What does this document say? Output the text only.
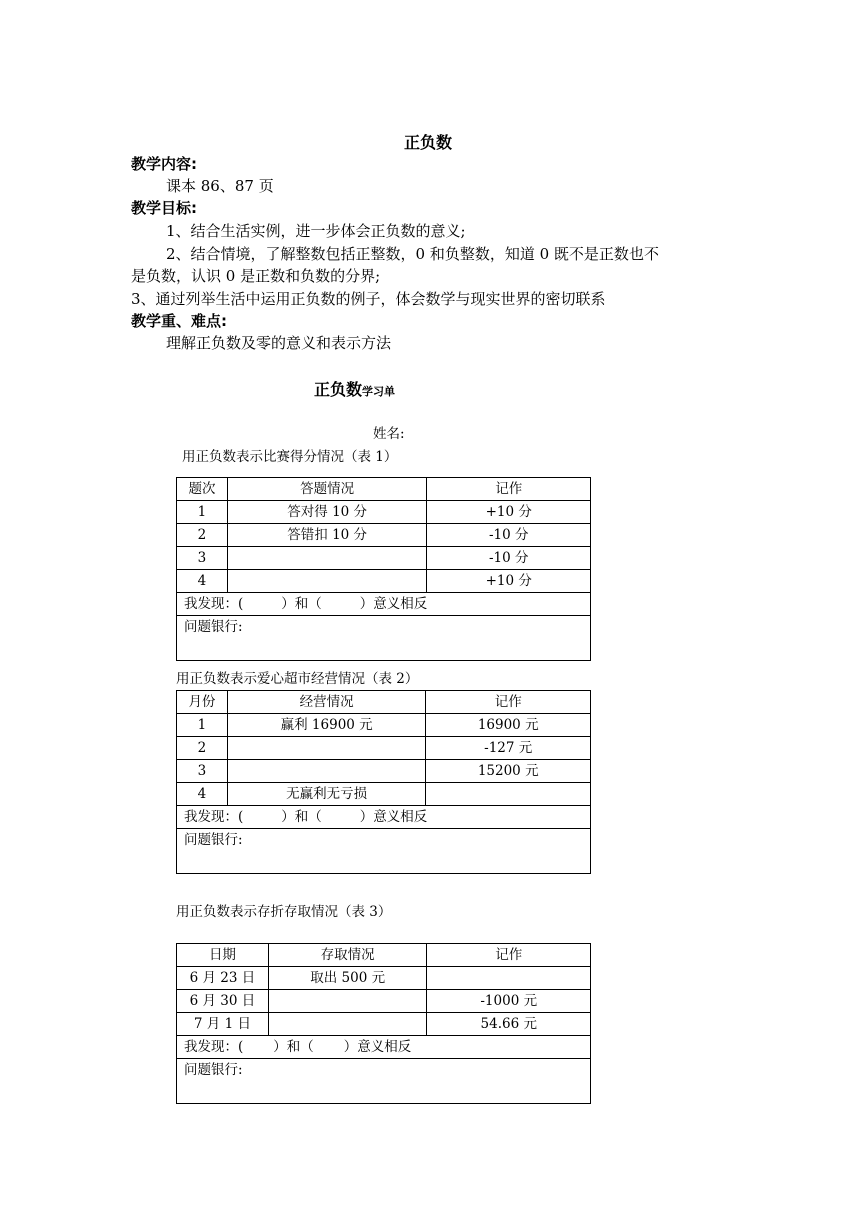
正负数
教学内容:
课本 86、87 页
教学目标:
1、结合生活实例，进一步体会正负数的意义;
2、结合情境，了解整数包括正整数，0 和负整数，知道 0 既不是正数也不
是负数，认识 0 是正数和负数的分界;
3、通过列举生活中运用正负数的例子，体会数学与现实世界的密切联系
教学重、难点:
理解正负数及零的意义和表示方法
正负数学习单
姓名:
用正负数表示比赛得分情况（表 1）
题次	答题情况	记作
1	答对得 10 分	+10 分
2	答错扣 10 分	-10 分
3		-10 分
4		+10 分
我发现：( ）和（ ）意义相反		
问题银行:		
用正负数表示爱心超市经营情况（表 2）
月份	经营情况	记作
1	赢利 16900 元	16900 元
2		-127 元
3		15200 元
4	无赢利无亏损	
我发现：( ）和（ ）意义相反		
问题银行:		
用正负数表示存折存取情况（表 3）
日期	存取情况	记作
6 月 23 日	取出 500 元	
6 月 30 日		-1000 元
7 月 1 日		54.66 元
我发现：( ）和（ ）意义相反		
问题银行:		
